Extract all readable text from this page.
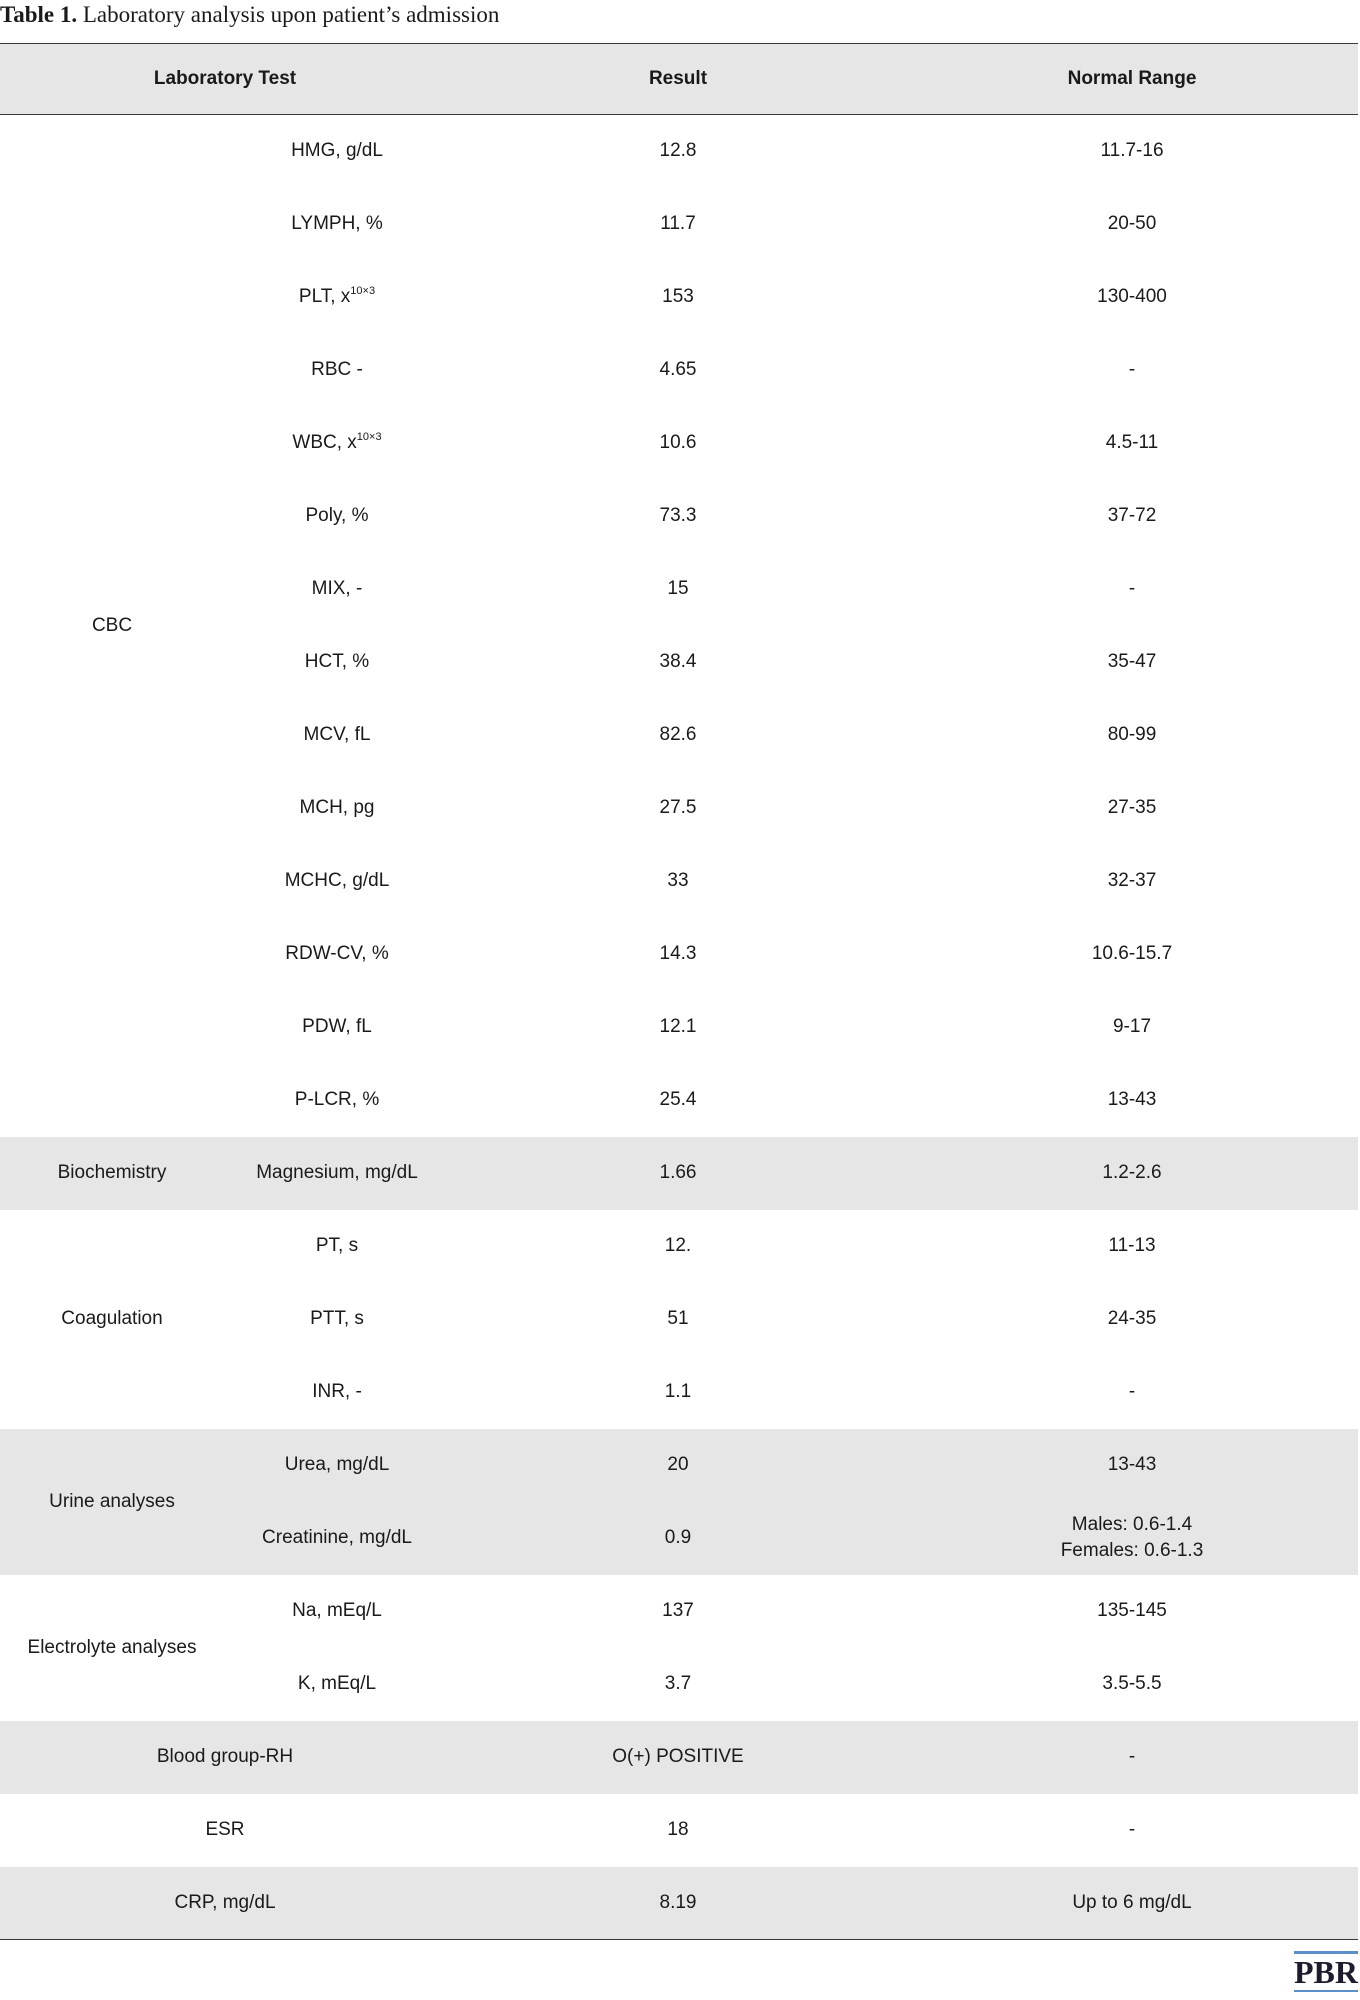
Table 1. Laboratory analysis upon patient’s admission
Laboratory Test		Result	Normal Range
CBC	HMG, g/dL	12.8	11.7-16
	LYMPH, %	11.7	20-50
	PLT, $x^{10\times 3}$	153	130-400
	RBC -	4.65	-
	WBC, $x^{10\times 3}$	10.6	4.5-11
	Poly, %	73.3	37-72
	MIX, -	15	-
	HCT, %	38.4	35-47
	MCV, fL	82.6	80-99
	MCH, pg	27.5	27-35
	MCHC, g/dL	33	32-37
	RDW-CV, %	14.3	10.6-15.7
	PDW, fL	12.1	9-17
	P-LCR, %	25.4	13-43
Biochemistry	Magnesium, mg/dL	1.66	1.2-2.6
Coagulation	PT, s	12.	11-13
	PTT, s	51	24-35
	INR, -	1.1	-
Urine analyses	Urea, mg/dL	20	13-43
	Creatinine, mg/dL	0.9	Males: 0.6-1.4
Females: 0.6-1.3

Electrolyte analyses	Na, mEq/L	137	135-145
	K, mEq/L	3.7	3.5-5.5
Blood group-RH		O(+) POSITIVE	-
ESR		18	-
CRP, mg/dL		8.19	Up to 6 mg/dL
PBR
